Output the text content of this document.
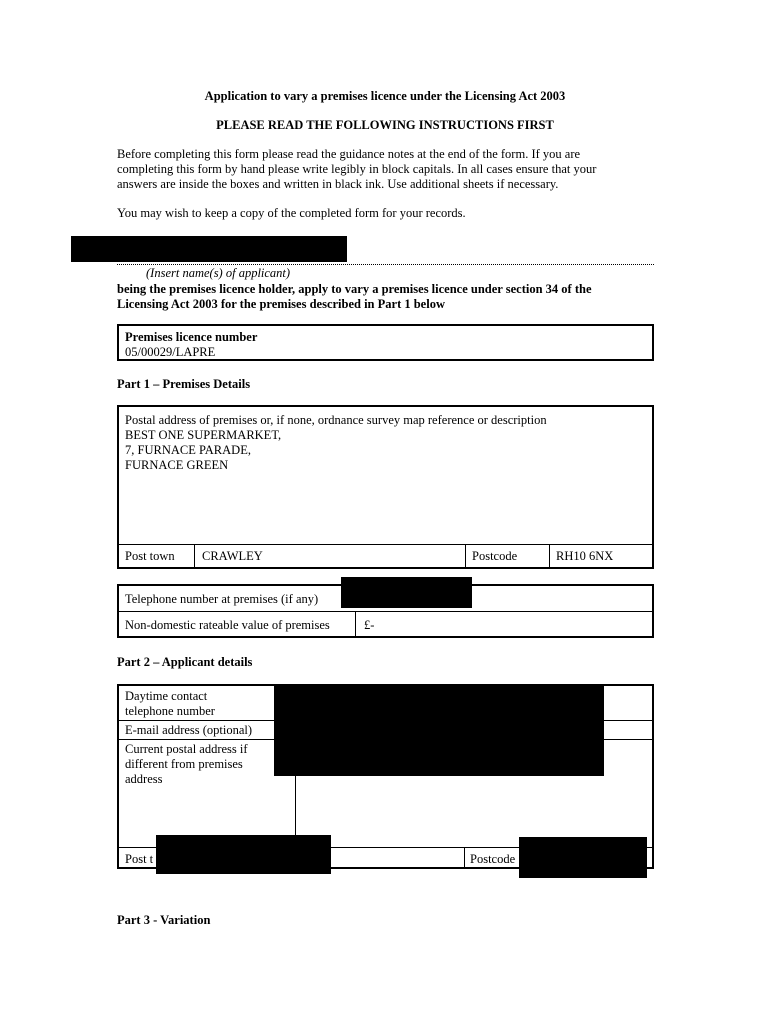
Application to vary a premises licence under the Licensing Act 2003
PLEASE READ THE FOLLOWING INSTRUCTIONS FIRST
Before completing this form please read the guidance notes at the end of the form. If you are
completing this form by hand please write legibly in block capitals. In all cases ensure that your
answers are inside the boxes and written in black ink. Use additional sheets if necessary.
You may wish to keep a copy of the completed form for your records.
(Insert name(s) of applicant)
being the premises licence holder, apply to vary a premises licence under section 34 of the
Licensing Act 2003 for the premises described in Part 1 below
Premises licence number
05/00029/LAPRE
Part 1 – Premises Details
Postal address of premises or, if none, ordnance survey map reference or description
BEST ONE SUPERMARKET,
7, FURNACE PARADE,
FURNACE GREEN
Post town CRAWLEY	Postcode	RH10 6NX
Telephone number at premises (if any)
Non-domestic rateable value of premises	£-
Part 2 – Applicant details
Daytime contact
telephone number
E-mail address (optional)
Current postal address if
different from premises
address
Post t	Postcode
Part 3 - Variation
